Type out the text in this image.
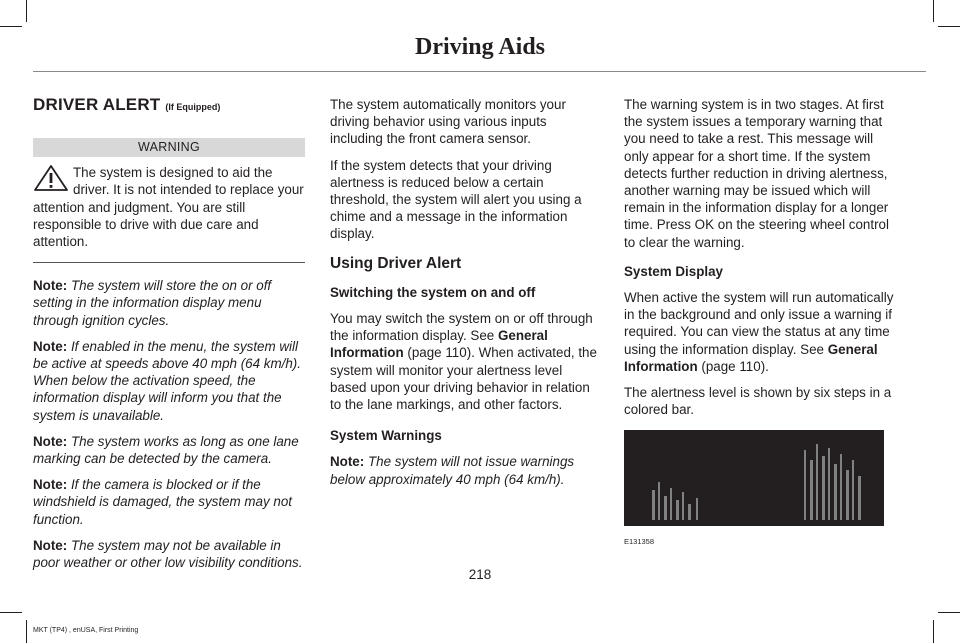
Driving Aids
DRIVER ALERT (If Equipped)
WARNING
The system is designed to aid the driver. It is not intended to replace your attention and judgment. You are still responsible to drive with due care and attention.

Note: The system will store the on or off setting in the information display menu through ignition cycles.

Note: If enabled in the menu, the system will be active at speeds above 40 mph (64 km/h). When below the activation speed, the information display will inform you that the system is unavailable.

Note: The system works as long as one lane marking can be detected by the camera.

Note: If the camera is blocked or if the windshield is damaged, the system may not function.

Note: The system may not be available in poor weather or other low visibility conditions.

The system automatically monitors your driving behavior using various inputs including the front camera sensor.

If the system detects that your driving alertness is reduced below a certain threshold, the system will alert you using a chime and a message in the information display.

Using Driver Alert
Switching the system on and off

You may switch the system on or off through the information display. See General Information (page 110). When activated, the system will monitor your alertness level based upon your driving behavior in relation to the lane markings, and other factors.

System Warnings

Note: The system will not issue warnings below approximately 40 mph (64 km/h).

The warning system is in two stages. At first the system issues a temporary warning that you need to take a rest. This message will only appear for a short time. If the system detects further reduction in driving alertness, another warning may be issued which will remain in the information display for a longer time. Press OK on the steering wheel control to clear the warning.

System Display

When active the system will run automatically in the background and only issue a warning if required. You can view the status at any time using the information display. See General Information (page 110).

The alertness level is shown by six steps in a colored bar.

E131358
218
MKT (TP4) , enUSA, First Printing
